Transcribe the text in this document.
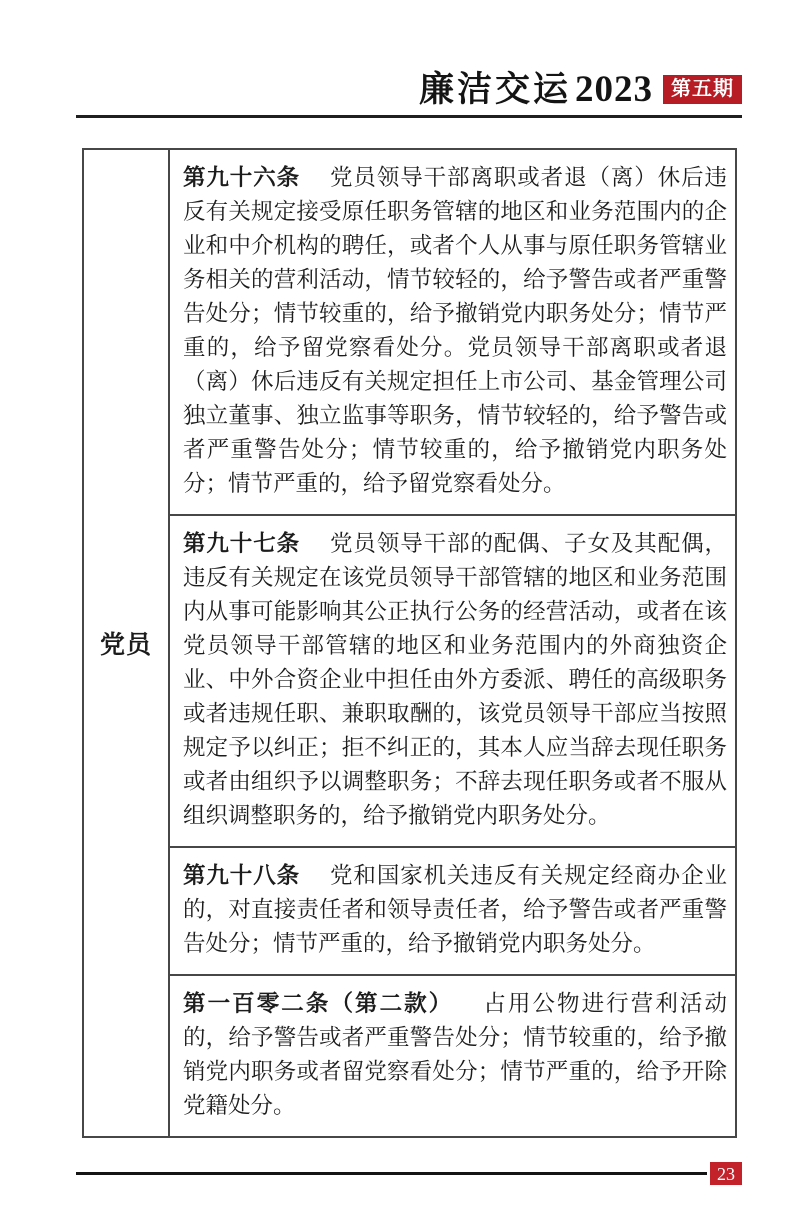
廉洁交运 2023 第五期
党员

第九十六条 党员领导干部离职或者退（离）休后违反有关规定接受原任职务管辖的地区和业务范围内的企业和中介机构的聘任，或者个人从事与原任职务管辖业务相关的营利活动，情节较轻的，给予警告或者严重警告处分；情节较重的，给予撤销党内职务处分；情节严重的，给予留党察看处分。党员领导干部离职或者退（离）休后违反有关规定担任上市公司、基金管理公司独立董事、独立监事等职务，情节较轻的，给予警告或者严重警告处分；情节较重的，给予撤销党内职务处分；情节严重的，给予留党察看处分。

第九十七条 党员领导干部的配偶、子女及其配偶，违反有关规定在该党员领导干部管辖的地区和业务范围内从事可能影响其公正执行公务的经营活动，或者在该党员领导干部管辖的地区和业务范围内的外商独资企业、中外合资企业中担任由外方委派、聘任的高级职务或者违规任职、兼职取酬的，该党员领导干部应当按照规定予以纠正；拒不纠正的，其本人应当辞去现任职务或者由组织予以调整职务；不辞去现任职务或者不服从组织调整职务的，给予撤销党内职务处分。

第九十八条 党和国家机关违反有关规定经商办企业的，对直接责任者和领导责任者，给予警告或者严重警告处分；情节严重的，给予撤销党内职务处分。

第一百零二条（第二款） 占用公物进行营利活动的，给予警告或者严重警告处分；情节较重的，给予撤销党内职务或者留党察看处分；情节严重的，给予开除党籍处分。

23
